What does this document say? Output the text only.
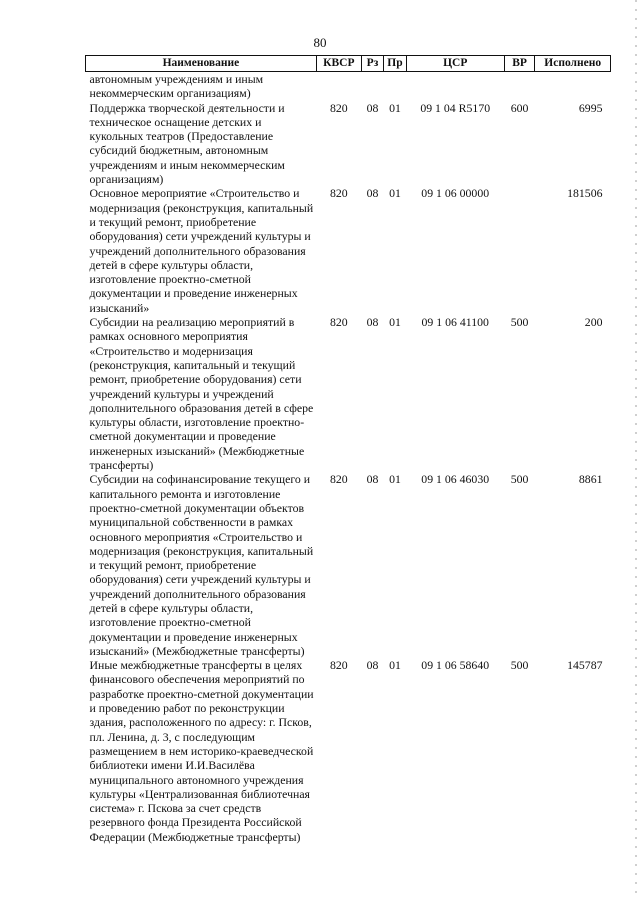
80
Наименование	КВСР	Рз	Пр	ЦСР	ВР	Исполнено
автономным учреждениям и иным некоммерческим организациям)						
Поддержка творческой деятельности и техническое оснащение детских и кукольных театров (Предоставление субсидий бюджетным, автономным учреждениям и иным некоммерческим организациям)	820	08	01	09 1 04 R5170	600	6995
Основное мероприятие «Строительство и модернизация (реконструкция, капитальный и текущий ремонт, приобретение оборудования) сети учреждений культуры и учреждений дополнительного образования детей в сфере культуры области, изготовление проектно-сметной документации и проведение инженерных изысканий»	820	08	01	09 1 06 00000		181506
Субсидии на реализацию мероприятий в рамках основного мероприятия «Строительство и модернизация (реконструкция, капитальный и текущий ремонт, приобретение оборудования) сети учреждений культуры и учреждений дополнительного образования детей в сфере культуры области, изготовление проектно-сметной документации и проведение инженерных изысканий» (Межбюджетные трансферты)	820	08	01	09 1 06 41100	500	200
Субсидии на софинансирование текущего и капитального ремонта и изготовление проектно-сметной документации объектов муниципальной собственности в рамках основного мероприятия «Строительство и модернизация (реконструкция, капитальный и текущий ремонт, приобретение оборудования) сети учреждений культуры и учреждений дополнительного образования детей в сфере культуры области, изготовление проектно-сметной документации и проведение инженерных изысканий» (Межбюджетные трансферты)	820	08	01	09 1 06 46030	500	8861
Иные межбюджетные трансферты в целях финансового обеспечения мероприятий по разработке проектно-сметной документации и проведению работ по реконструкции здания, расположенного по адресу: г. Псков, пл. Ленина, д. 3, с последующим размещением в нем историко-краеведческой библиотеки имени И.И.Василёва муниципального автономного учреждения культуры «Централизованная библиотечная система» г. Пскова за счет средств резервного фонда Президента Российской Федерации (Межбюджетные трансферты)	820	08	01	09 1 06 58640	500	145787
